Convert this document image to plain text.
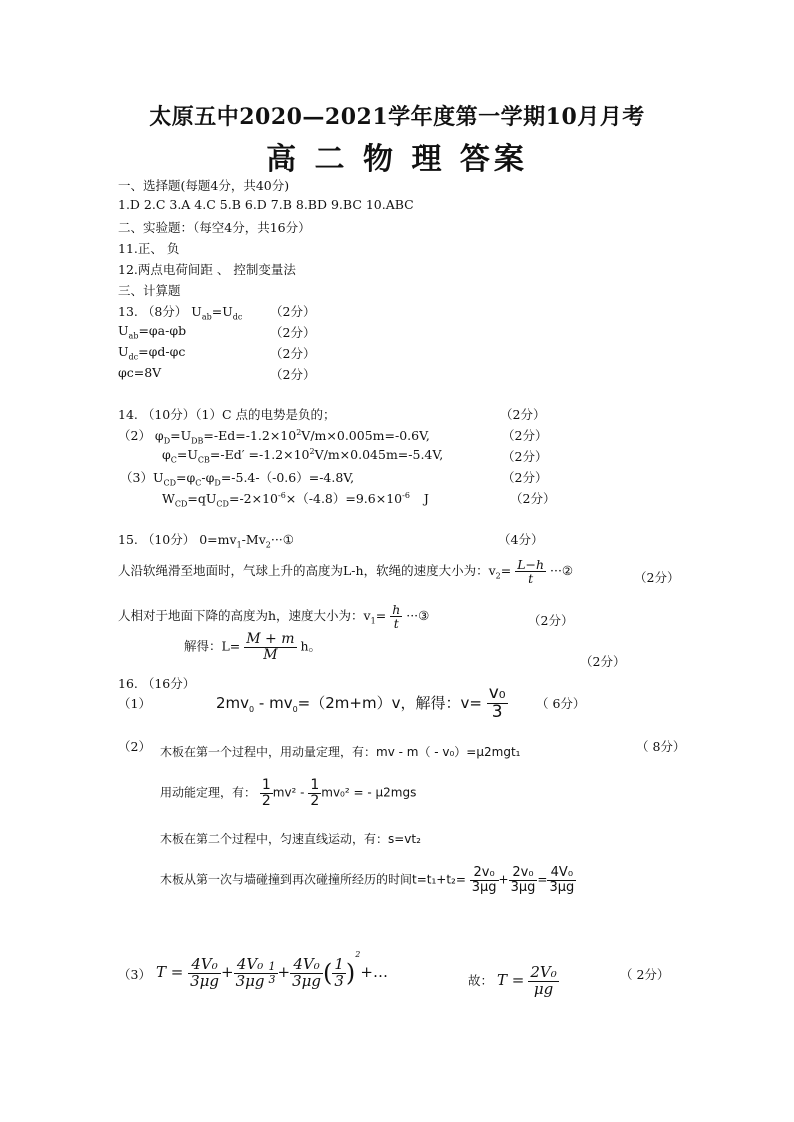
太原五中2020—2021学年度第一学期10月月考
高 二 物 理 答案
一、选择题(每题4分，共40分)
1.D 2.C 3.A 4.C 5.B 6.D 7.B 8.BD 9.BC 10.ABC
二、实验题：（每空4分，共16分）
11.正、 负
12.两点电荷间距 、 控制变量法
三、计算题
13. （8分） $U_{ab}=U_{dc}$ （2分）
$U_{ab}=\varphi a-\varphi b$	（2分）
$U_{dc}=\varphi d-\varphi c$	（2分）
φc=8V	（2分）
14. （10分）（1）C 点的电势是负的；	（2分）
（2） $\varphi_D=U_{DB}=-Ed=-1.2\times 10^2V/m\times 0.005m=-0.6V$,	（2分）
$\varphi_C=U_{CB}=-Ed' =-1.2\times 10^2V/m\times 0.045m=-5.4V$,	（2分）
$(3)U_{CD}=\varphi_C-\varphi_D=-5.4-(-0.6)=-4.8V$,	（2分）
$W_{CD}=qU_{CD}=-2\times 10^{-6}\times(-4.8)=9.6\times 10^{-6}$ J	（2分）
15. （10分） $0=mv_1-Mv_2\cdot\cdot\cdot ①$	（4分）
人沿软绳滑至地面时，气球上升的高度为L-h，软绳的速度大小为：$v_2= \frac{L-h}{t}$ ···②	（2分）
人相对于地面下降的高度为h，速度大小为：$v_1= \frac{h}{t}$ ···③	（2分）
解得：$L= \frac{M + m}{M}$ h。
（2分）
16. （16分）
（1）	$2mv_0 - mv_0=(2m+m)v$，解得：$v= \frac{\text{v₀}}{3}$ （ 6分）
（2） 木板在第一个过程中，用动量定理，有：mv - m（ - v₀）=μ2mgt₁	（ 8分）
用动能定理，有： $\frac{1}{2} mv^2 - \frac{1}{2} mv_0^2$ = - μ2mgs
木板在第二个过程中，匀速直线运动，有：s=vt₂
木板从第一次与墙碰撞到再次碰撞所经历的时间$t=t_1+t_2= \frac{\text{2v₀}}{3\mu g} + \frac{\text{2v₀}}{3\mu g} = \frac{\text{4V₀}}{3\mu g}$
（3） $T = \frac{\text{4V₀}}{3\mu g} + \frac{\text{4V₀}}{3\mu g} \frac{1}{3} + \frac{\text{4V₀}}{3\mu g}$ ( $\frac{1}{3}$ )$^2$+…	故： $T = \frac{\text{2V₀}}{\mu g}$	（ 2分）
